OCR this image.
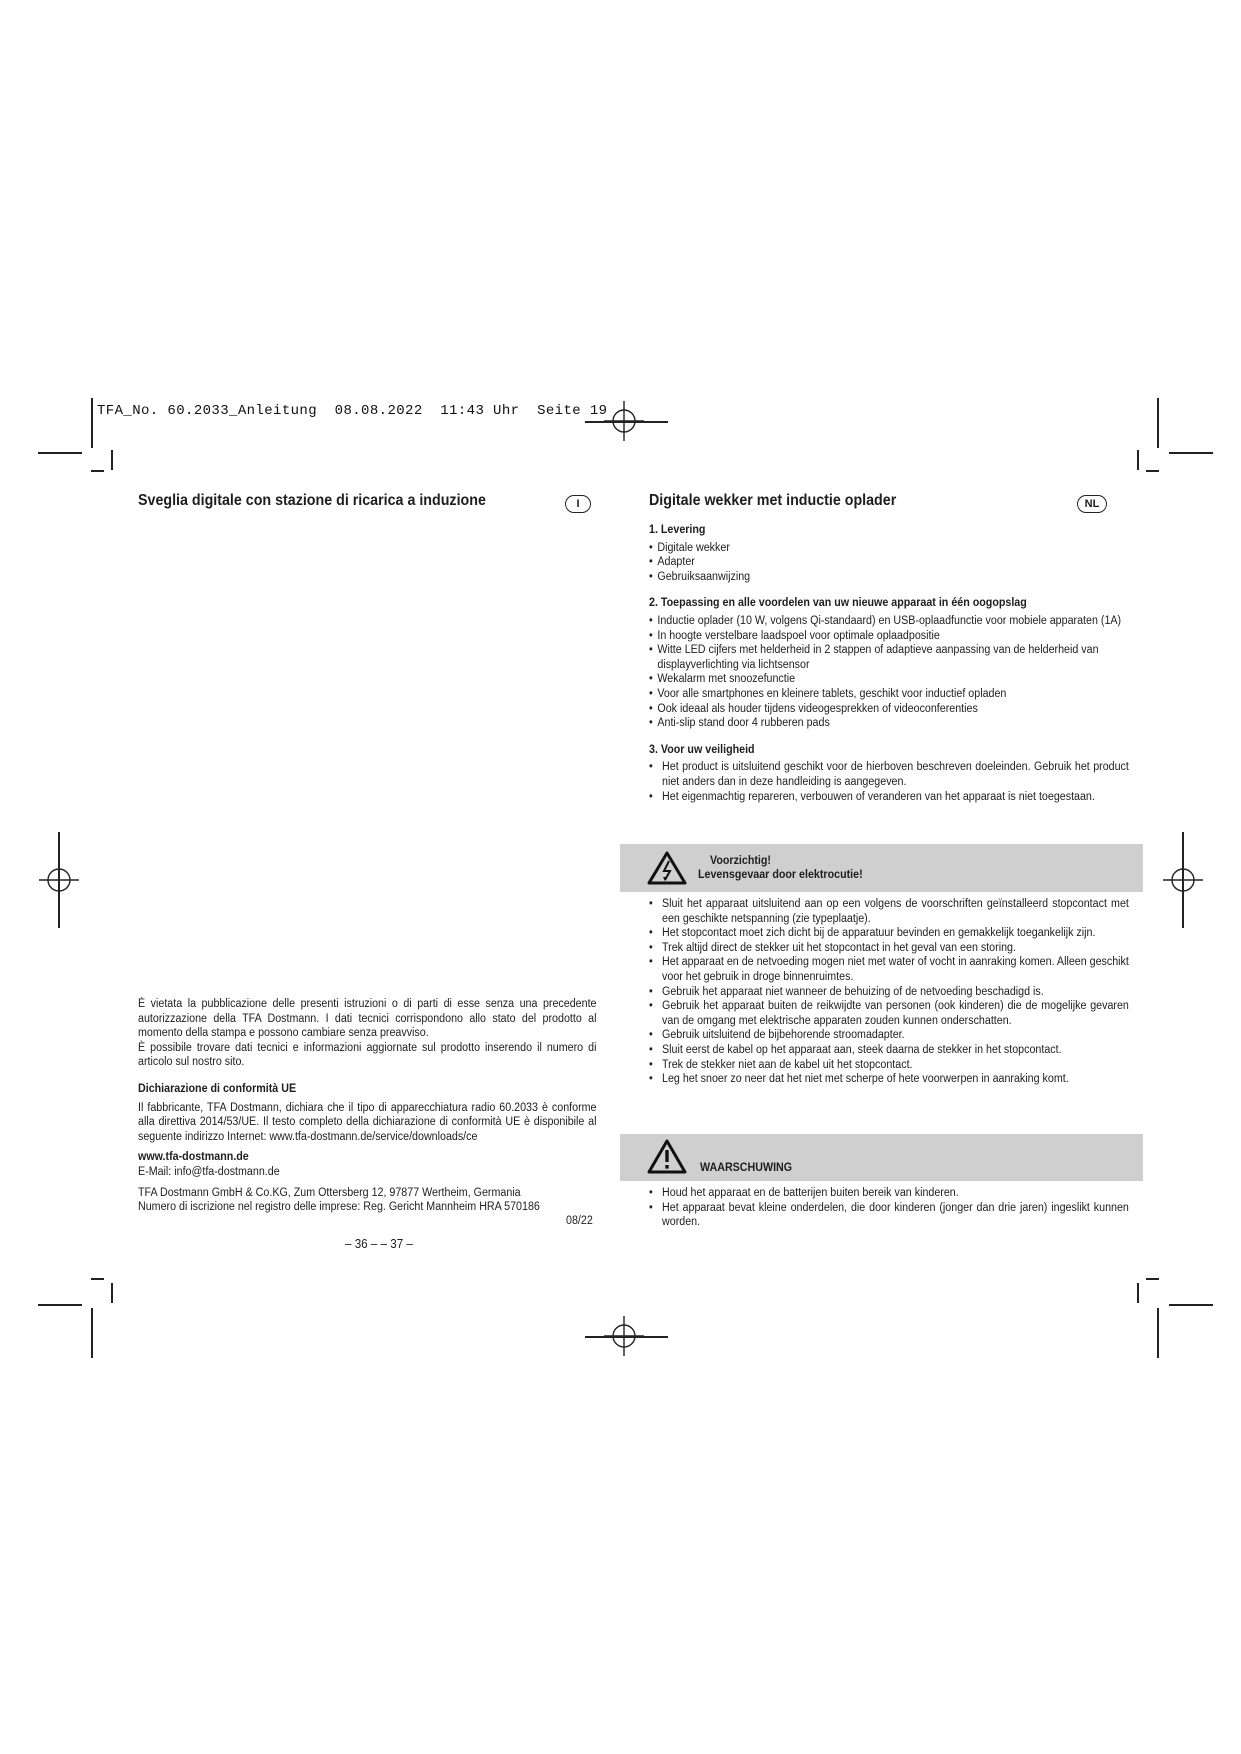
TFA_No. 60.2033_Anleitung  08.08.2022  11:43 Uhr  Seite 19
Sveglia digitale con stazione di ricarica a induzione	I

È vietata la pubblicazione delle presenti istruzioni o di parti di esse senza una precedente autorizzazione della TFA Dostmann. I dati tecnici corrispondono allo stato del prodotto al momento della stampa e possono cambiare senza preavviso.

È possibile trovare dati tecnici e informazioni aggiornate sul prodotto inserendo il numero di articolo sul nostro sito.

Dichiarazione di conformità UE

Il fabbricante, TFA Dostmann, dichiara che il tipo di apparecchiatura radio 60.2033 è conforme alla direttiva 2014/53/UE. Il testo completo della dichiarazione di conformità UE è disponibile al seguente indirizzo Internet: www.tfa-dostmann.de/service/downloads/ce

www.tfa-dostmann.de

E-Mail: info@tfa-dostmann.de

TFA Dostmann GmbH & Co.KG, Zum Ottersberg 12, 97877 Wertheim, Germania

Numero di iscrizione nel registro delle imprese: Reg. Gericht Mannheim HRA 570186

08/22
– 36 – – 37 –
Digitale wekker met inductie oplader	NL
1. Levering
• Digitale wekker
• Adapter
• Gebruiksaanwijzing
2. Toepassing en alle voordelen van uw nieuwe apparaat in één oogopslag
• Inductie oplader (10 W, volgens Qi-standaard) en USB-oplaadfunctie voor mobiele apparaten (1A)
• In hoogte verstelbare laadspoel voor optimale oplaadpositie
• Witte LED cijfers met helderheid in 2 stappen of adaptieve aanpassing van de helderheid van displayverlichting via lichtsensor
• Wekalarm met snoozefunctie
• Voor alle smartphones en kleinere tablets, geschikt voor inductief opladen
• Ook ideaal als houder tijdens videogesprekken of videoconferenties
• Anti-slip stand door 4 rubberen pads
3. Voor uw veiligheid
• Het product is uitsluitend geschikt voor de hierboven beschreven doeleinden. Gebruik het product niet anders dan in deze handleiding is aangegeven.
• Het eigenmachtig repareren, verbouwen of veranderen van het apparaat is niet toegestaan.
Voorzichtig!
Levensgevaar door elektrocutie!
• Sluit het apparaat uitsluitend aan op een volgens de voorschriften geïnstalleerd stopcontact met een geschikte netspanning (zie typeplaatje).
• Het stopcontact moet zich dicht bij de apparatuur bevinden en gemakkelijk toegankelijk zijn.
• Trek altijd direct de stekker uit het stopcontact in het geval van een storing.
• Het apparaat en de netvoeding mogen niet met water of vocht in aanraking komen. Alleen geschikt voor het gebruik in droge binnenruimtes.
• Gebruik het apparaat niet wanneer de behuizing of de netvoeding beschadigd is.
• Gebruik het apparaat buiten de reikwijdte van personen (ook kinderen) die de mogelijke gevaren van de omgang met elektrische apparaten zouden kunnen onderschatten.
• Gebruik uitsluitend de bijbehorende stroomadapter.
• Sluit eerst de kabel op het apparaat aan, steek daarna de stekker in het stopcontact.
• Trek de stekker niet aan de kabel uit het stopcontact.
• Leg het snoer zo neer dat het niet met scherpe of hete voorwerpen in aanraking komt.
WAARSCHUWING
• Houd het apparaat en de batterijen buiten bereik van kinderen.
• Het apparaat bevat kleine onderdelen, die door kinderen (jonger dan drie jaren) ingeslikt kunnen worden.
